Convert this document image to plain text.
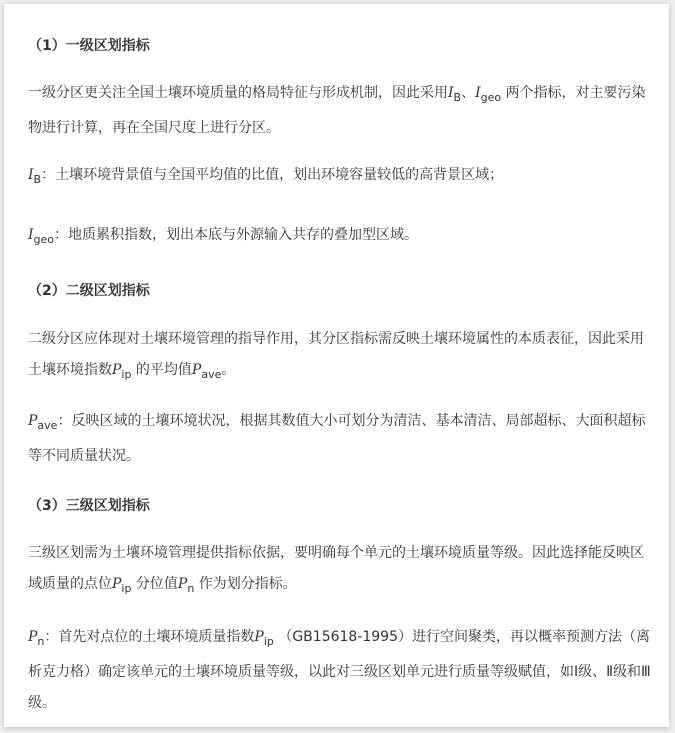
（1）一级区划指标
一级分区更关注全国土壤环境质量的格局特征与形成机制，因此采用$I_B$、$I_{geo}$ 两个指标，对主要污染物进行计算，再在全国尺度上进行分区。
$I_B$：土壤环境背景值与全国平均值的比值，划出环境容量较低的高背景区域；
$I_{geo}$：地质累积指数，划出本底与外源输入共存的叠加型区域。
（2）二级区划指标
二级分区应体现对土壤环境管理的指导作用，其分区指标需反映土壤环境属性的本质表征，因此采用土壤环境指数$P_{ip}$ 的平均值$P_{ave}$。
$P_{ave}$：反映区域的土壤环境状况，根据其数值大小可划分为清洁、基本清洁、局部超标、大面积超标等不同质量状况。
（3）三级区划指标
三级区划需为土壤环境管理提供指标依据，要明确每个单元的土壤环境质量等级。因此选择能反映区域质量的点位$P_{ip}$ 分位值$P_n$ 作为划分指标。
$P_n$：首先对点位的土壤环境质量指数$P_{ip}$ （GB15618-1995）进行空间聚类，再以概率预测方法（离析克力格）确定该单元的土壤环境质量等级，以此对三级区划单元进行质量等级赋值，如Ⅰ级、Ⅱ级和Ⅲ级。
